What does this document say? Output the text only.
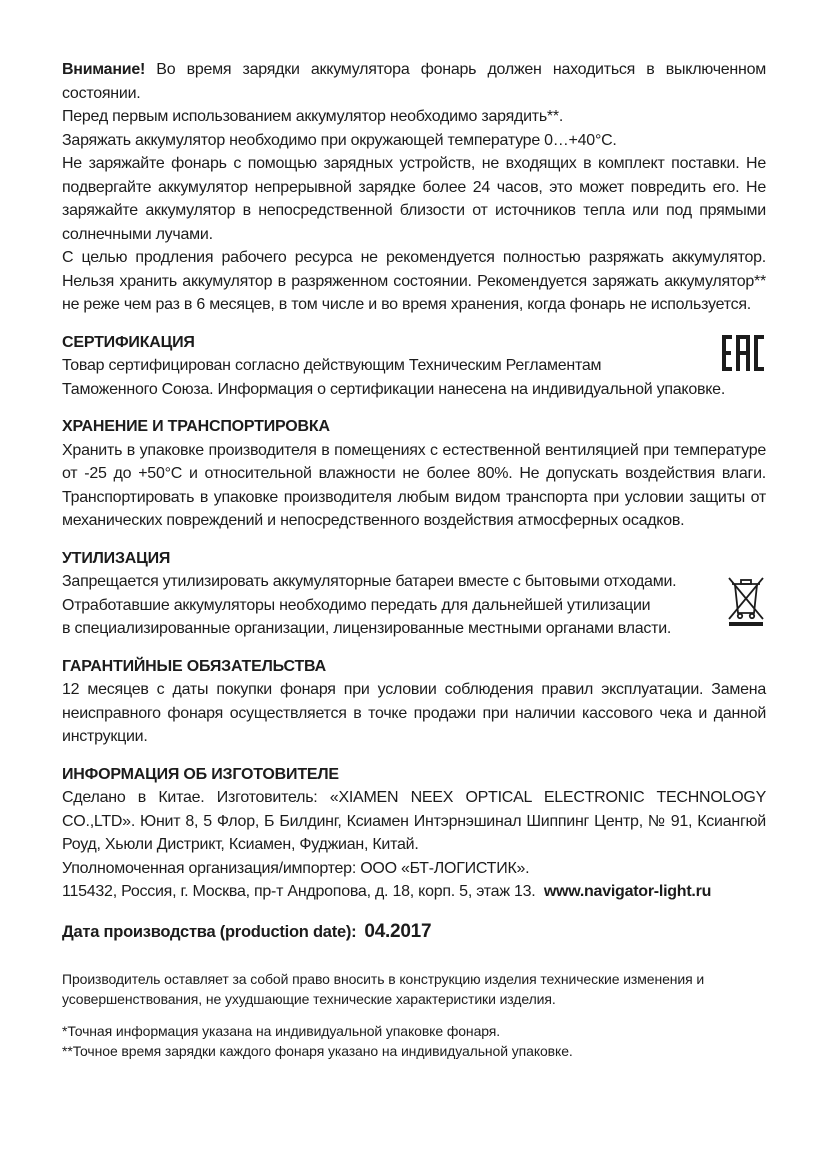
Внимание! Во время зарядки аккумулятора фонарь должен находиться в выключенном состоянии.

Перед первым использованием аккумулятор необходимо зарядить**.

Заряжать аккумулятор необходимо при окружающей температуре 0…+40°С.

Не заряжайте фонарь с помощью зарядных устройств, не входящих в комплект поставки. Не подвергайте аккумулятор непрерывной зарядке более 24 часов, это может повредить его. Не заряжайте аккумулятор в непосредственной близости от источников тепла или под прямыми солнечными лучами.

С целью продления рабочего ресурса не рекомендуется полностью разряжать аккумулятор. Нельзя хранить аккумулятор в разряженном состоянии. Рекомендуется заряжать аккумулятор** не реже чем раз в 6 месяцев, в том числе и во время хранения, когда фонарь не используется.

СЕРТИФИКАЦИЯ

Товар сертифицирован согласно действующим Техническим Регламентам

Таможенного Союза. Информация о сертификации нанесена на индивидуальной упаковке.

ХРАНЕНИЕ И ТРАНСПОРТИРОВКА

Хранить в упаковке производителя в помещениях с естественной вентиляцией при температуре от -25 до +50°С и относительной влажности не более 80%. Не допускать воздействия влаги. Транспортировать в упаковке производителя любым видом транспорта при условии защиты от механических повреждений и непосредственного воздействия атмосферных осадков.

УТИЛИЗАЦИЯ

Запрещается утилизировать аккумуляторные батареи вместе с бытовыми отходами.

Отработавшие аккумуляторы необходимо передать для дальнейшей утилизации

в специализированные организации, лицензированные местными органами власти.

ГАРАНТИЙНЫЕ ОБЯЗАТЕЛЬСТВА

12 месяцев с даты покупки фонаря при условии соблюдения правил эксплуатации. Замена неисправного фонаря осуществляется в точке продажи при наличии кассового чека и данной инструкции.

ИНФОРМАЦИЯ ОБ ИЗГОТОВИТЕЛЕ

Сделано в Китае. Изготовитель: «XIAMEN NEEX OPTICAL ELECTRONIC TECHNOLOGY CO.,LTD». Юнит 8, 5 Флор, Б Билдинг, Ксиамен Интэрнэшинал Шиппинг Центр, № 91, Ксиангюй Роуд, Хьюли Дистрикт, Ксиамен, Фуджиан, Китай.

Уполномоченная организация/импортер: ООО «БТ-ЛОГИСТИК».

115432, Россия, г. Москва, пр-т Андропова, д. 18, корп. 5, этаж 13. www.navigator-light.ru

Дата производства (production date): 04.2017

Производитель оставляет за собой право вносить в конструкцию изделия технические изменения и усовершенствования, не ухудшающие технические характеристики изделия.

*Точная информация указана на индивидуальной упаковке фонаря.

**Точное время зарядки каждого фонаря указано на индивидуальной упаковке.
